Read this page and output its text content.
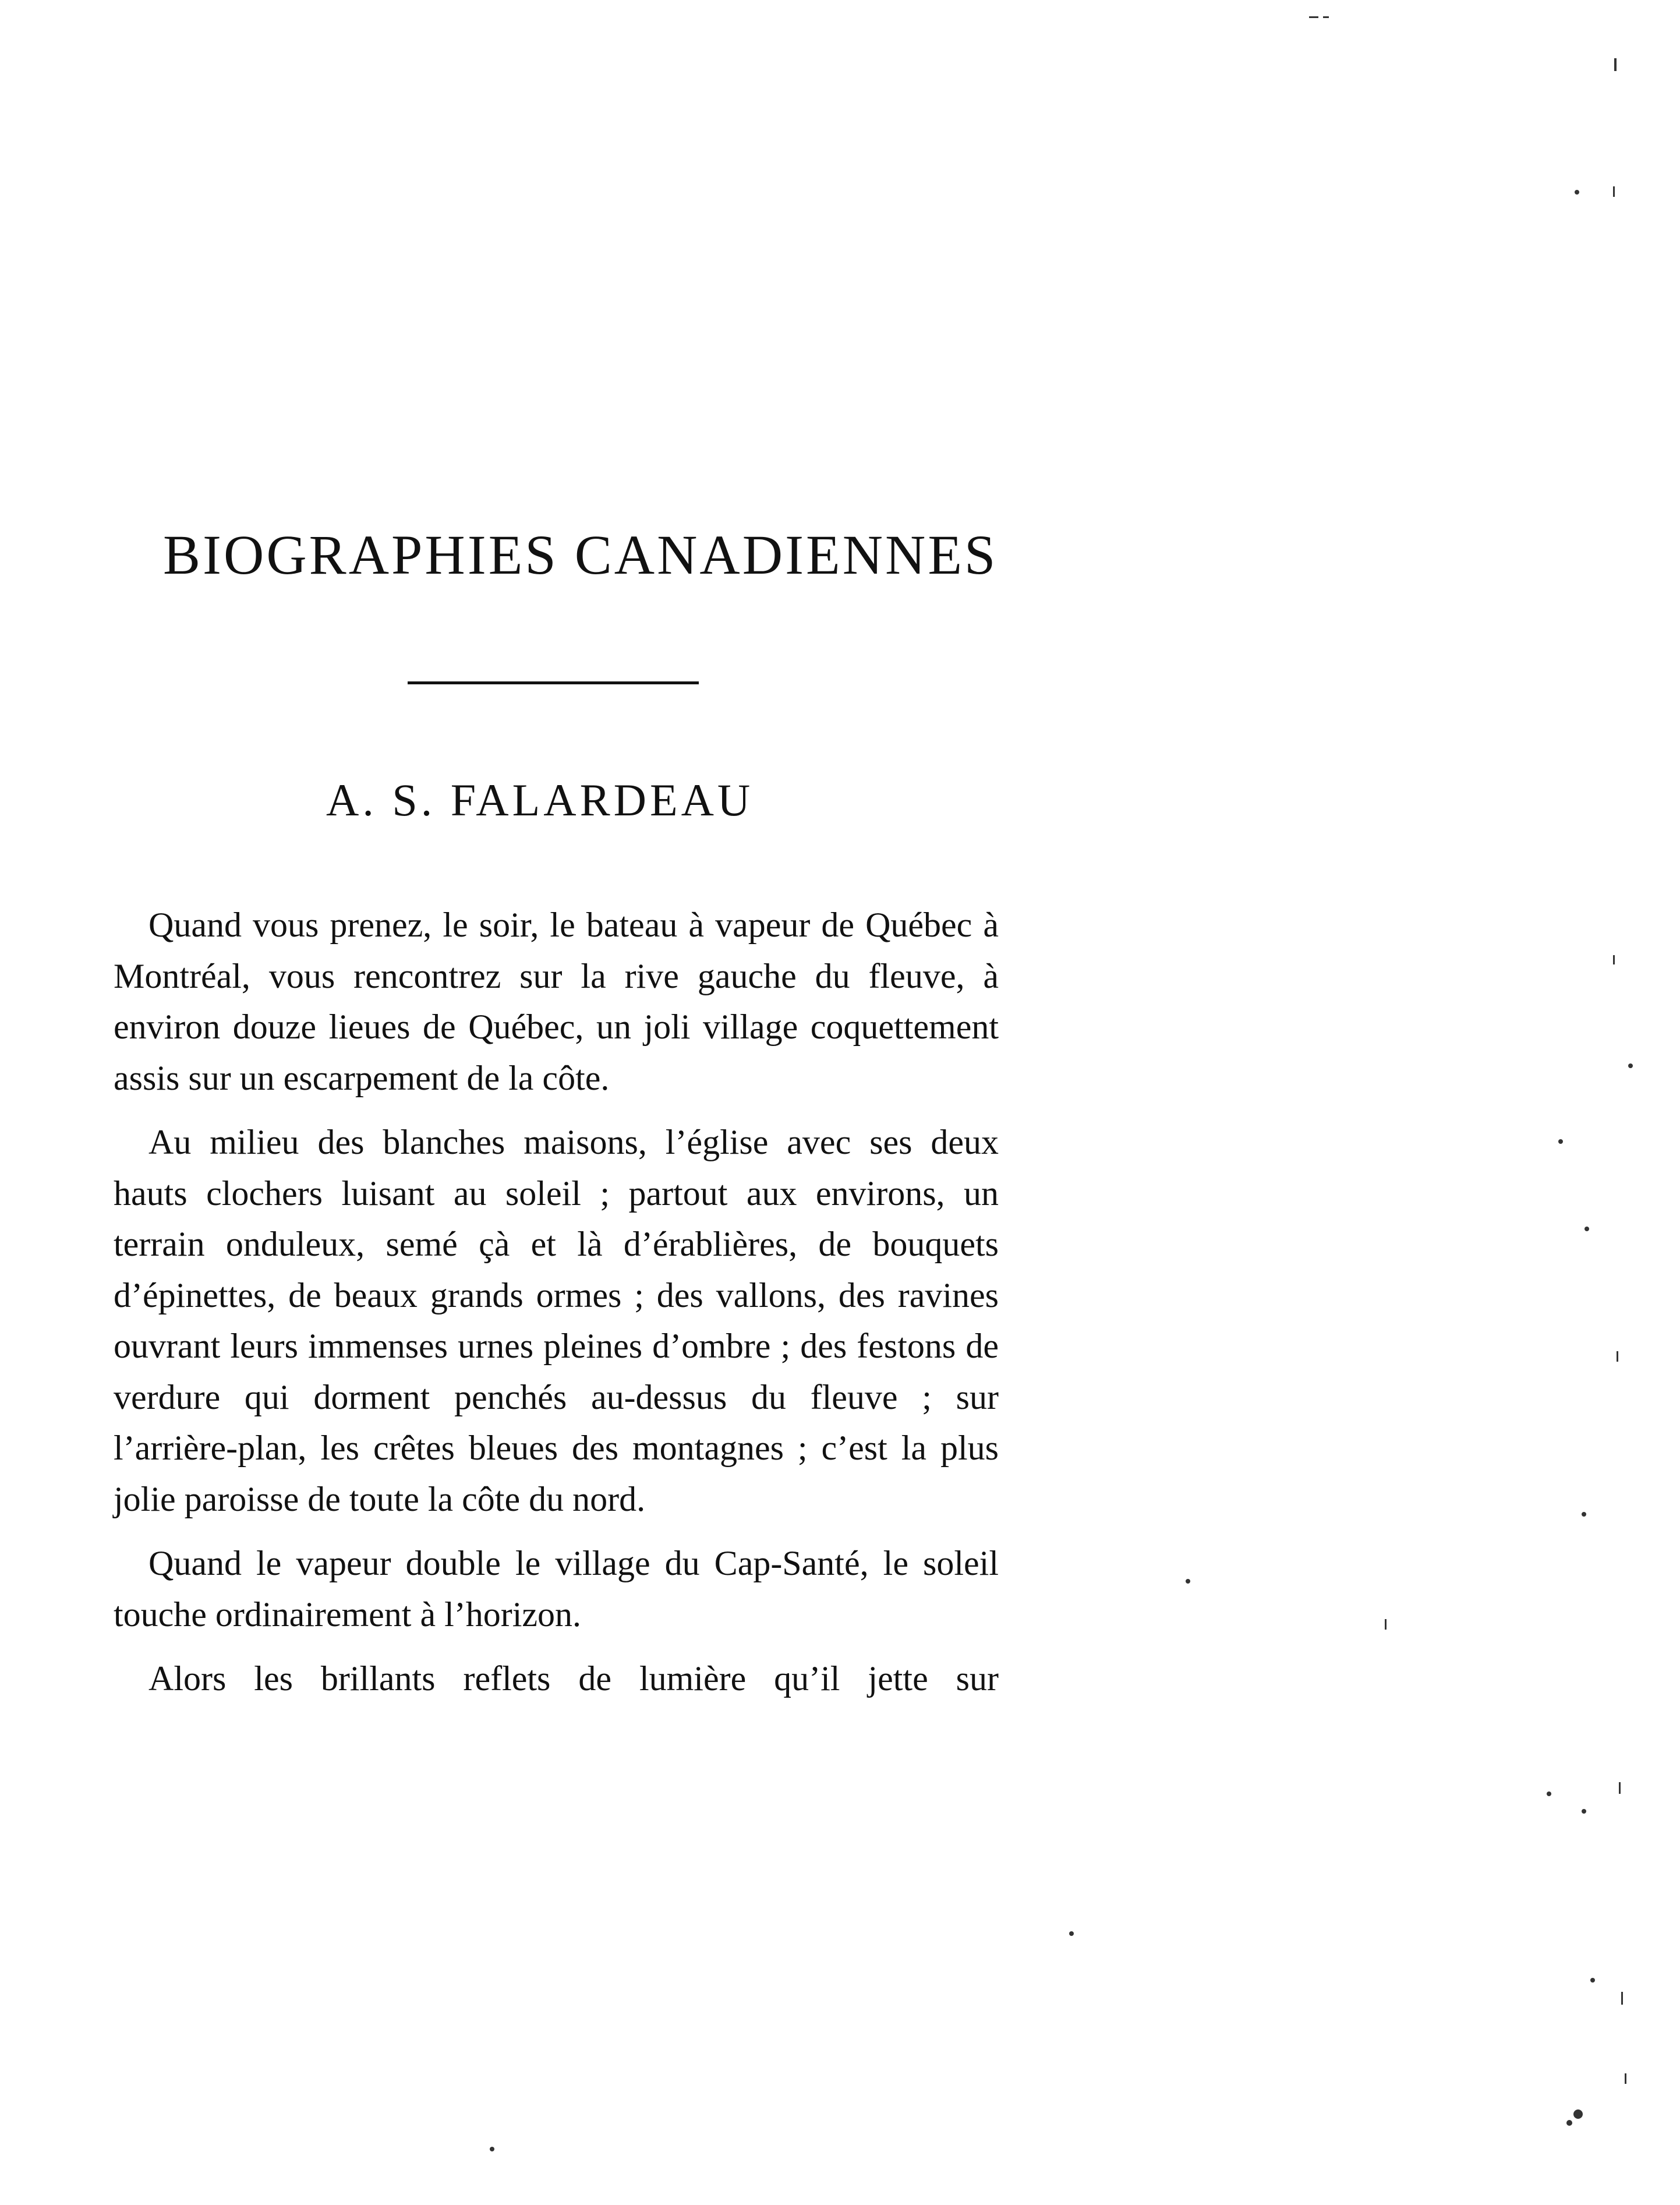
BIOGRAPHIES CANADIENNES
A. S. FALARDEAU

Quand vous prenez, le soir, le bateau à vapeur de Québec à Montréal, vous rencontrez sur la rive gauche du fleuve, à environ douze lieues de Québec, un joli village coquettement assis sur un escarpement de la côte.

Au milieu des blanches maisons, l’église avec ses deux hauts clochers luisant au soleil ; partout aux environs, un terrain onduleux, semé çà et là d’érablières, de bouquets d’épinettes, de beaux grands ormes ; des vallons, des ravines ouvrant leurs immenses urnes pleines d’ombre ; des festons de verdure qui dorment penchés au-dessus du fleuve ; sur l’arrière-plan, les crêtes bleues des montagnes ; c’est la plus jolie paroisse de toute la côte du nord.

Quand le vapeur double le village du Cap-Santé, le soleil touche ordinairement à l’horizon.

Alors les brillants reflets de lumière qu’il jette sur
